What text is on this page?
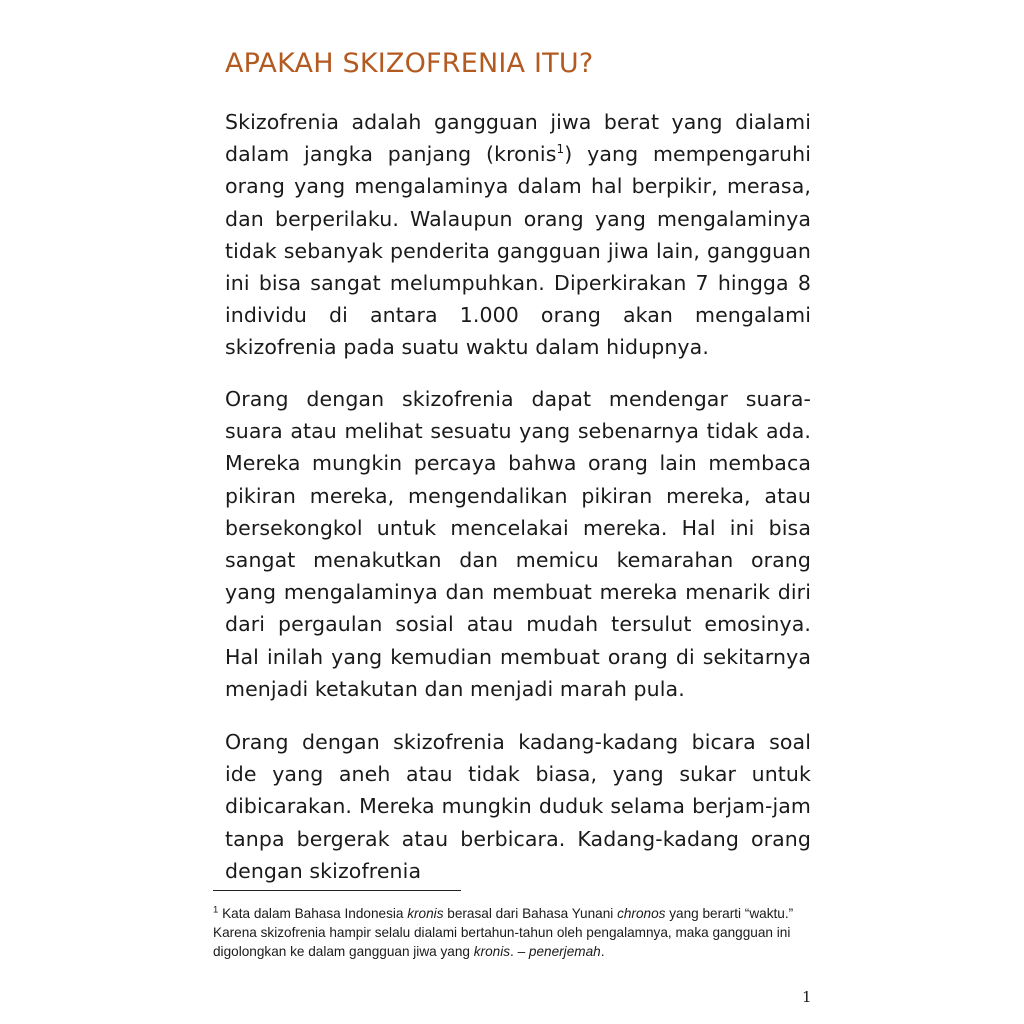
APAKAH SKIZOFRENIA ITU?

Skizofrenia adalah gangguan jiwa berat yang dialami dalam jangka panjang (kronis$^1$) yang mempengaruhi orang yang mengalaminya dalam hal berpikir, merasa, dan berperilaku. Walaupun orang yang mengalaminya tidak sebanyak penderita gangguan jiwa lain, gangguan ini bisa sangat melumpuhkan. Diperkirakan 7 hingga 8 individu di antara 1.000 orang akan mengalami skizofrenia pada suatu waktu dalam hidupnya.

Orang dengan skizofrenia dapat mendengar suara-suara atau melihat sesuatu yang sebenarnya tidak ada. Mereka mungkin percaya bahwa orang lain membaca pikiran mereka, mengendalikan pikiran mereka, atau bersekongkol untuk mencelakai mereka. Hal ini bisa sangat menakutkan dan memicu kemarahan orang yang mengalaminya dan membuat mereka menarik diri dari pergaulan sosial atau mudah tersulut emosinya. Hal inilah yang kemudian membuat orang di sekitarnya menjadi ketakutan dan menjadi marah pula.

Orang dengan skizofrenia kadang-kadang bicara soal ide yang aneh atau tidak biasa, yang sukar untuk dibicarakan. Mereka mungkin duduk selama berjam-jam tanpa bergerak atau berbicara. Kadang-kadang orang dengan skizofrenia

$^1$ Kata dalam Bahasa Indonesia kronis berasal dari Bahasa Yunani chronos yang berarti “waktu.” Karena skizofrenia hampir selalu dialami bertahun-tahun oleh pengalamnya, maka gangguan ini digolongkan ke dalam gangguan jiwa yang kronis. – penerjemah.

1
